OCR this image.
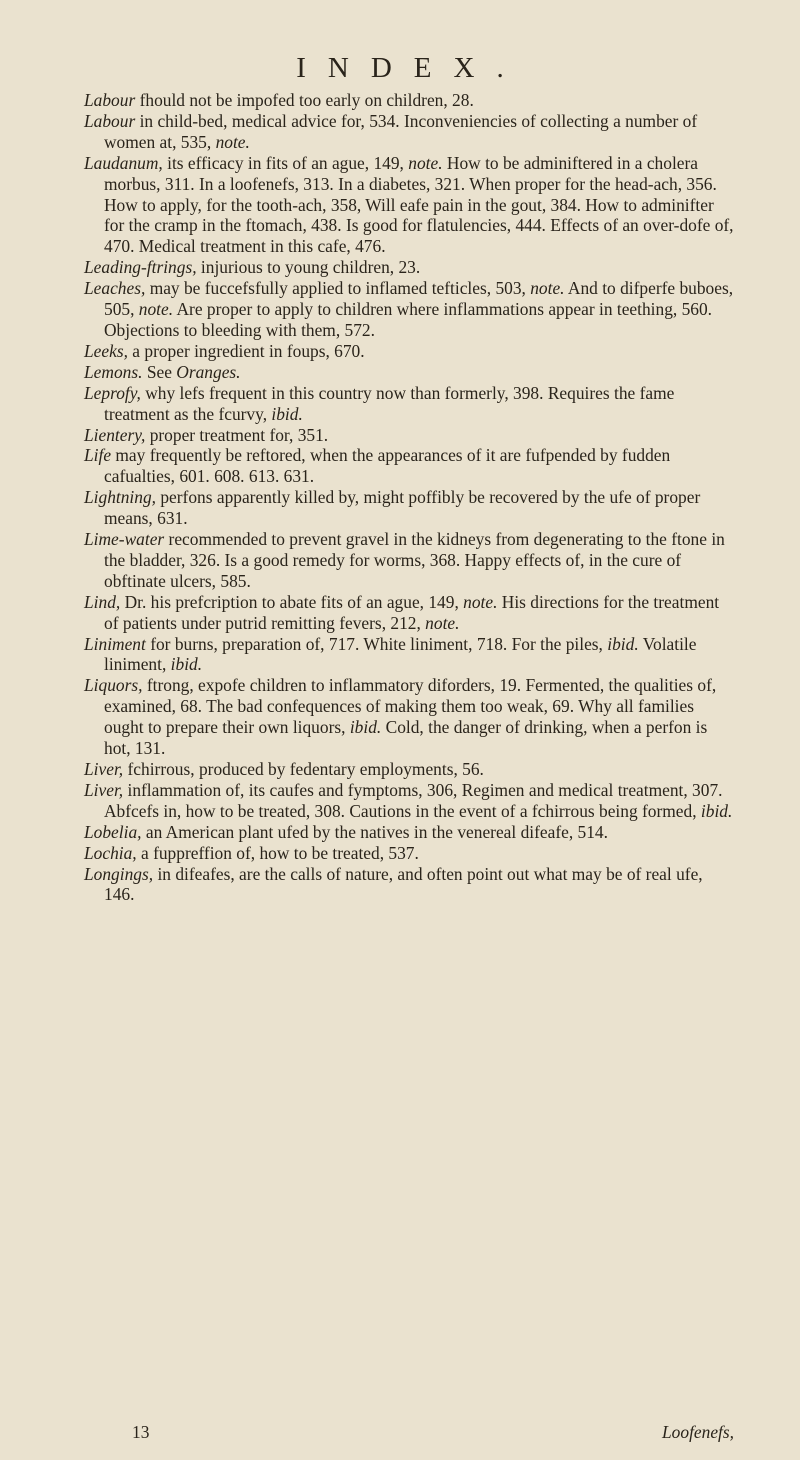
INDEX.

Labour fhould not be impofed too early on children, 28.

Labour in child-bed, medical advice for, 534. Inconveniencies of collecting a number of women at, 535, note.

Laudanum, its efficacy in fits of an ague, 149, note. How to be adminiftered in a cholera morbus, 311. In a loofenefs, 313. In a diabetes, 321. When proper for the head-ach, 356. How to apply, for the tooth-ach, 358, Will eafe pain in the gout, 384. How to adminifter for the cramp in the ftomach, 438. Is good for flatulencies, 444. Effects of an over-dofe of, 470. Medical treatment in this cafe, 476.

Leading-ftrings, injurious to young children, 23.

Leaches, may be fuccefsfully applied to inflamed tefticles, 503, note. And to difperfe buboes, 505, note. Are proper to apply to children where inflammations appear in teething, 560. Objections to bleeding with them, 572.

Leeks, a proper ingredient in foups, 670.

Lemons. See Oranges.

Leprofy, why lefs frequent in this country now than formerly, 398. Requires the fame treatment as the fcurvy, ibid.

Lientery, proper treatment for, 351.

Life may frequently be reftored, when the appearances of it are fufpended by fudden cafualties, 601. 608. 613. 631.

Lightning, perfons apparently killed by, might poffibly be recovered by the ufe of proper means, 631.

Lime-water recommended to prevent gravel in the kidneys from degenerating to the ftone in the bladder, 326. Is a good remedy for worms, 368. Happy effects of, in the cure of obftinate ulcers, 585.

Lind, Dr. his prefcription to abate fits of an ague, 149, note. His directions for the treatment of patients under putrid remitting fevers, 212, note.

Liniment for burns, preparation of, 717. White liniment, 718. For the piles, ibid. Volatile liniment, ibid.

Liquors, ftrong, expofe children to inflammatory diforders, 19. Fermented, the qualities of, examined, 68. The bad confequences of making them too weak, 69. Why all families ought to prepare their own liquors, ibid. Cold, the danger of drinking, when a perfon is hot, 131.

Liver, fchirrous, produced by fedentary employments, 56.

Liver, inflammation of, its caufes and fymptoms, 306, Regimen and medical treatment, 307. Abfcefs in, how to be treated, 308. Cautions in the event of a fchirrous being formed, ibid.

Lobelia, an American plant ufed by the natives in the venereal difeafe, 514.

Lochia, a fuppreffion of, how to be treated, 537.

Longings, in difeafes, are the calls of nature, and often point out what may be of real ufe, 146.

13	Loofenefs,
